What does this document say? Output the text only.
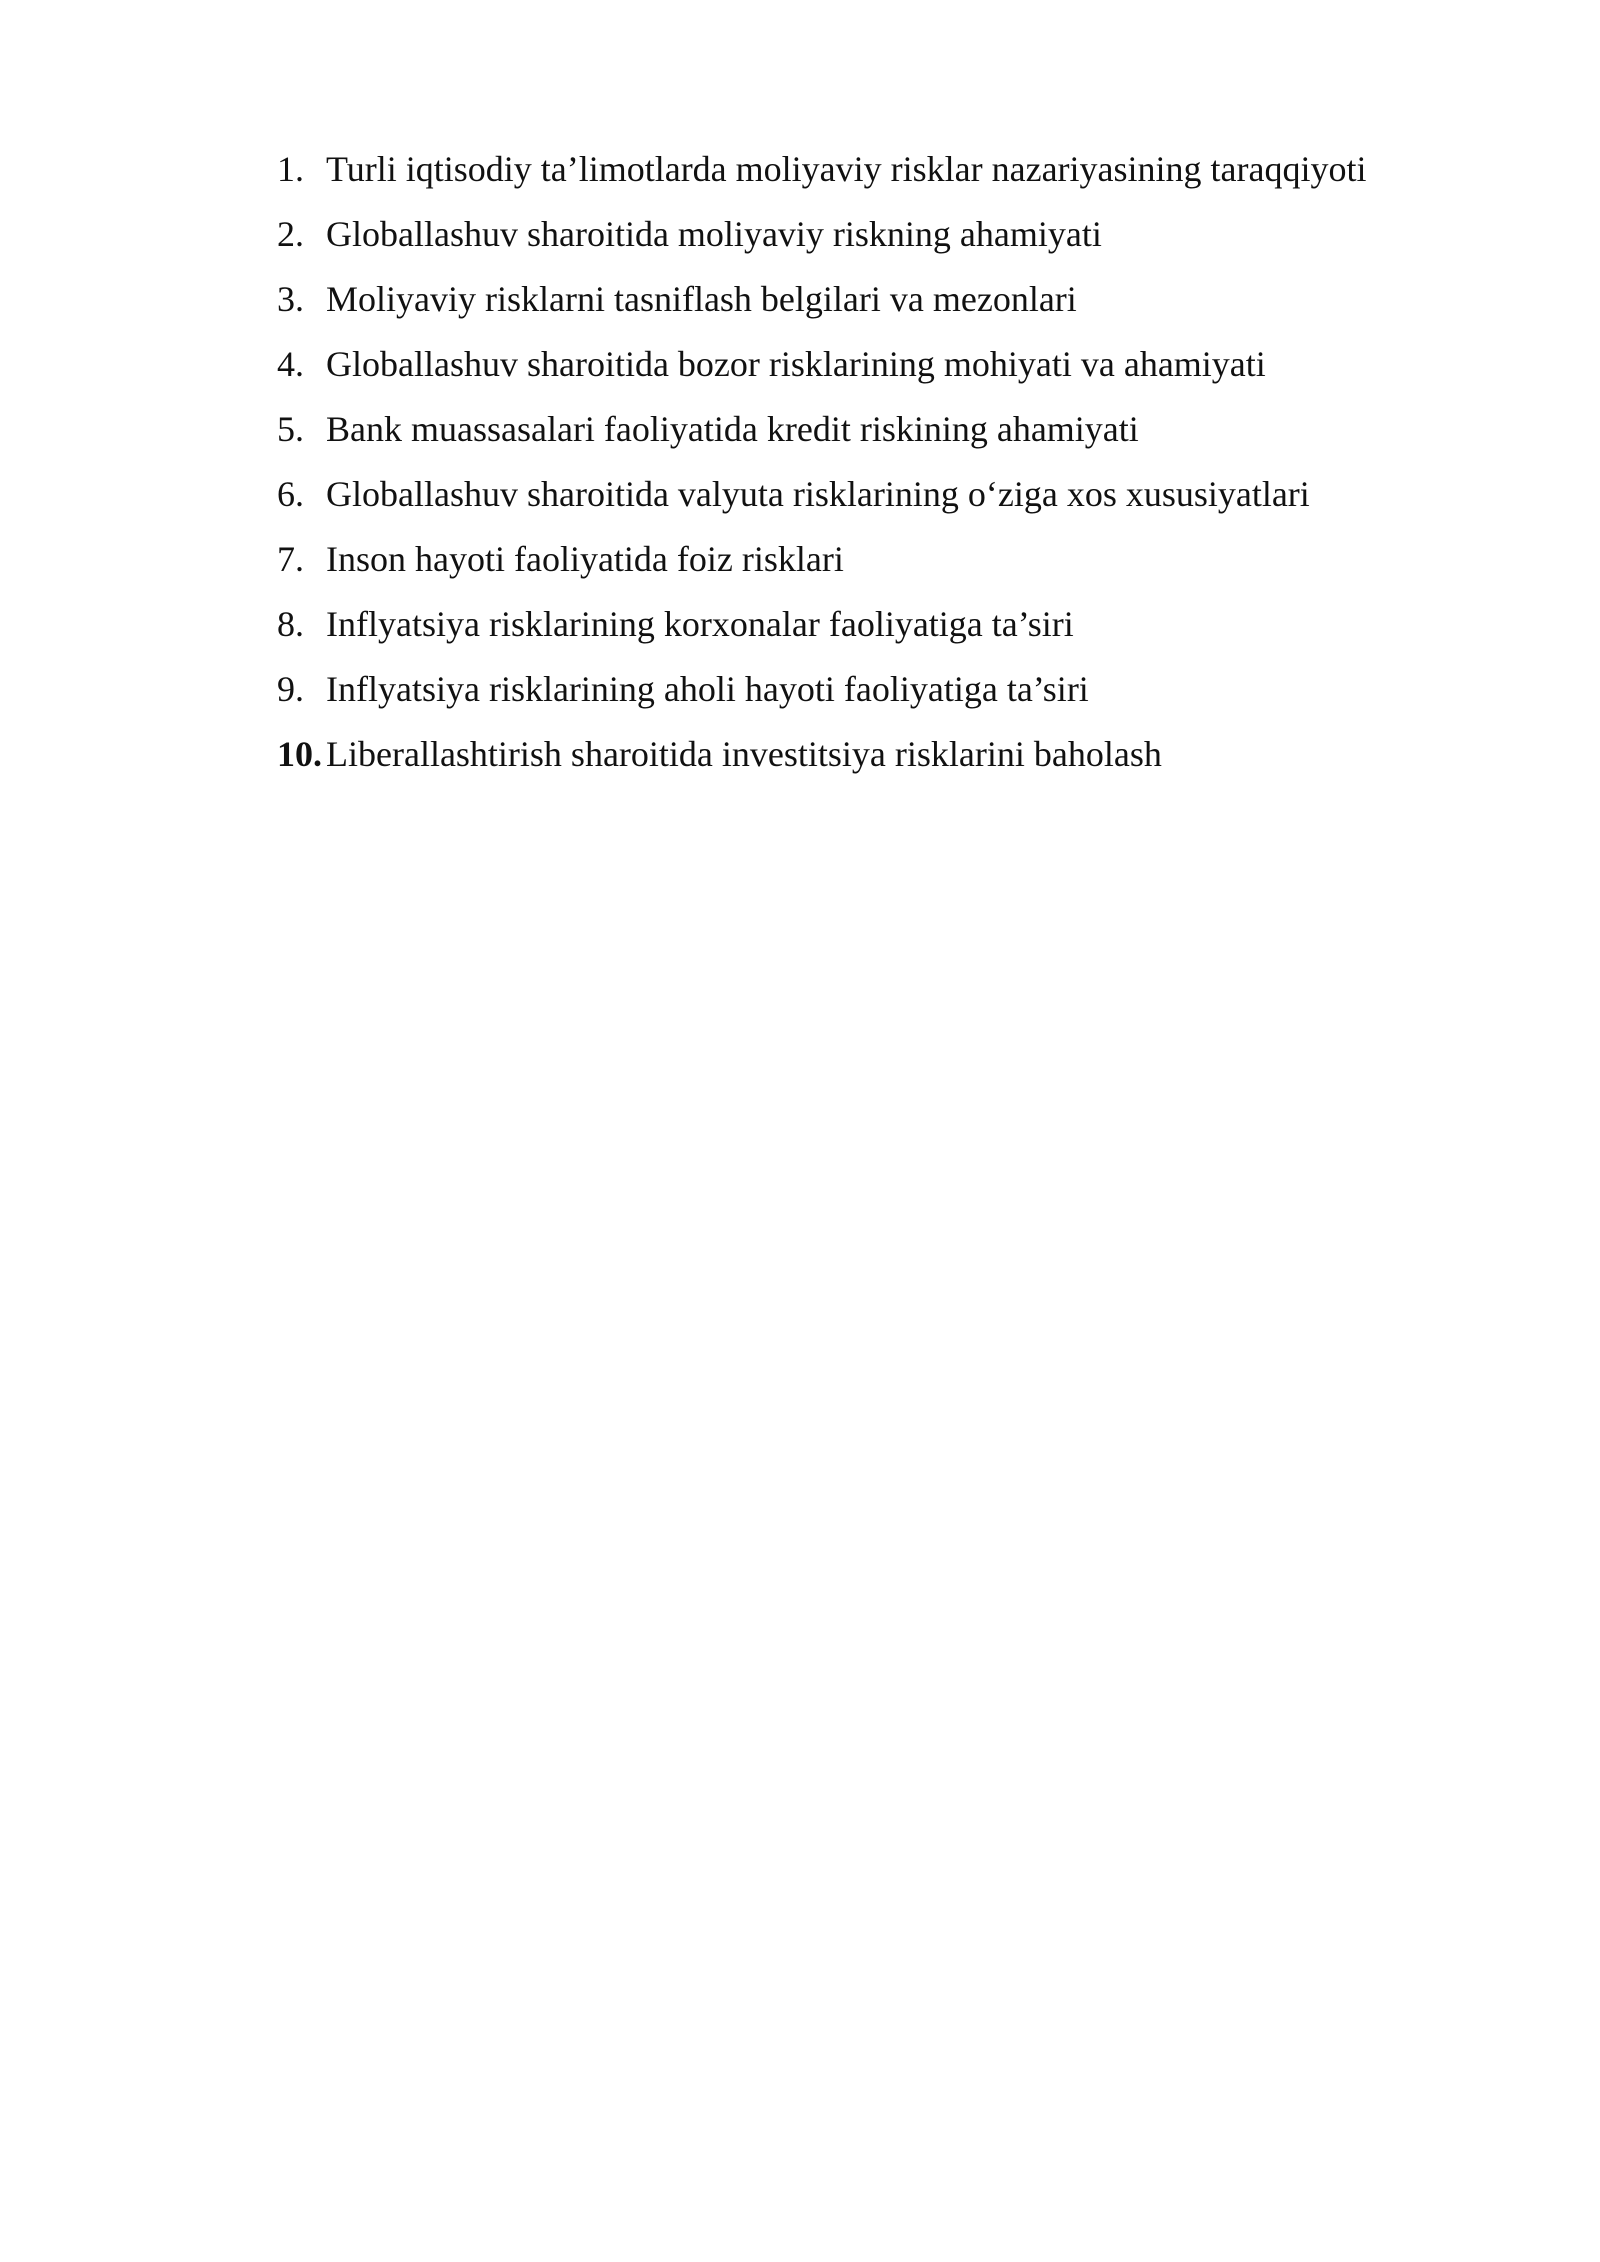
1. Turli iqtisodiy ta’limotlarda moliyaviy risklar nazariyasining taraqqiyoti
2. Globallashuv sharoitida moliyaviy riskning ahamiyati
3. Moliyaviy risklarni tasniflash belgilari va mezonlari
4. Globallashuv sharoitida bozor risklarining mohiyati va ahamiyati
5. Bank muassasalari faoliyatida kredit riskining ahamiyati
6. Globallashuv sharoitida valyuta risklarining o‘ziga xos xususiyatlari
7. Inson hayoti faoliyatida foiz risklari
8. Inflyatsiya risklarining korxonalar faoliyatiga ta’siri
9. Inflyatsiya risklarining aholi hayoti faoliyatiga ta’siri
10. Liberallashtirish sharoitida investitsiya risklarini baholash
